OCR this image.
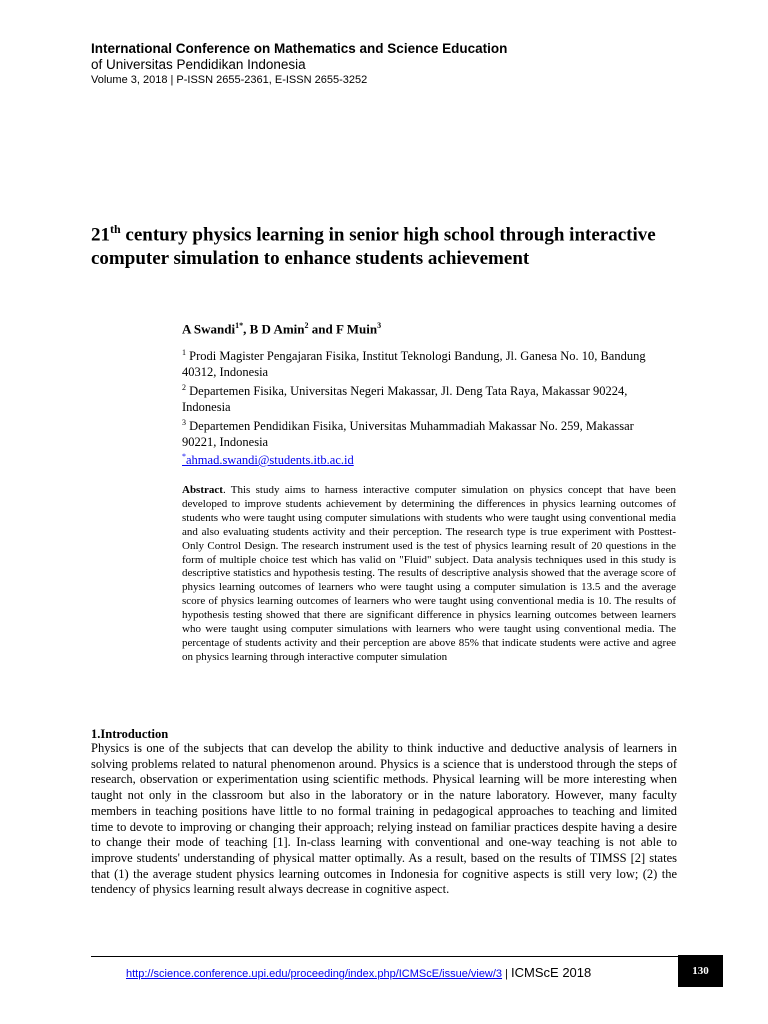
International Conference on Mathematics and Science Education
of Universitas Pendidikan Indonesia
Volume 3, 2018 | P-ISSN 2655-2361, E-ISSN 2655-3252
21th century physics learning in senior high school through interactive computer simulation to enhance students achievement
A Swandi$^{1*}$, B D Amin$^2$ and F Muin$^3$
$^1$ Prodi Magister Pengajaran Fisika, Institut Teknologi Bandung, Jl. Ganesa No. 10, Bandung 40312, Indonesia
$^2$ Departemen Fisika, Universitas Negeri Makassar, Jl. Deng Tata Raya, Makassar 90224, Indonesia
$^3$ Departemen Pendidikan Fisika, Universitas Muhammadiah Makassar No. 259, Makassar 90221, Indonesia
*ahmad.swandi@students.itb.ac.id
Abstract. This study aims to harness interactive computer simulation on physics concept that have been developed to improve students achievement by determining the differences in physics learning outcomes of students who were taught using computer simulations with students who were taught using conventional media and also evaluating students activity and their perception. The research type is true experiment with Posttest-Only Control Design. The research instrument used is the test of physics learning result of 20 questions in the form of multiple choice test which has valid on "Fluid" subject. Data analysis techniques used in this study is descriptive statistics and hypothesis testing. The results of descriptive analysis showed that the average score of physics learning outcomes of learners who were taught using a computer simulation is 13.5 and the average score of physics learning outcomes of learners who were taught using conventional media is 10. The results of hypothesis testing showed that there are significant difference in physics learning outcomes between learners who were taught using computer simulations with learners who were taught using conventional media. The percentage of students activity and their perception are above 85% that indicate students were active and agree on physics learning through interactive computer simulation
1.Introduction
Physics is one of the subjects that can develop the ability to think inductive and deductive analysis of learners in solving problems related to natural phenomenon around. Physics is a science that is understood through the steps of research, observation or experimentation using scientific methods. Physical learning will be more interesting when taught not only in the classroom but also in the laboratory or in the nature laboratory. However, many faculty members in teaching positions have little to no formal training in pedagogical approaches to teaching and limited time to devote to improving or changing their approach; relying instead on familiar practices despite having a desire to change their mode of teaching [1]. In-class learning with conventional and one-way teaching is not able to improve students' understanding of physical matter optimally. As a result, based on the results of TIMSS [2] states that (1) the average student physics learning outcomes in Indonesia for cognitive aspects is still very low; (2) the tendency of physics learning result always decrease in cognitive aspect.
http://science.conference.upi.edu/proceeding/index.php/ICMScE/issue/view/3 | ICMScE 2018	130
